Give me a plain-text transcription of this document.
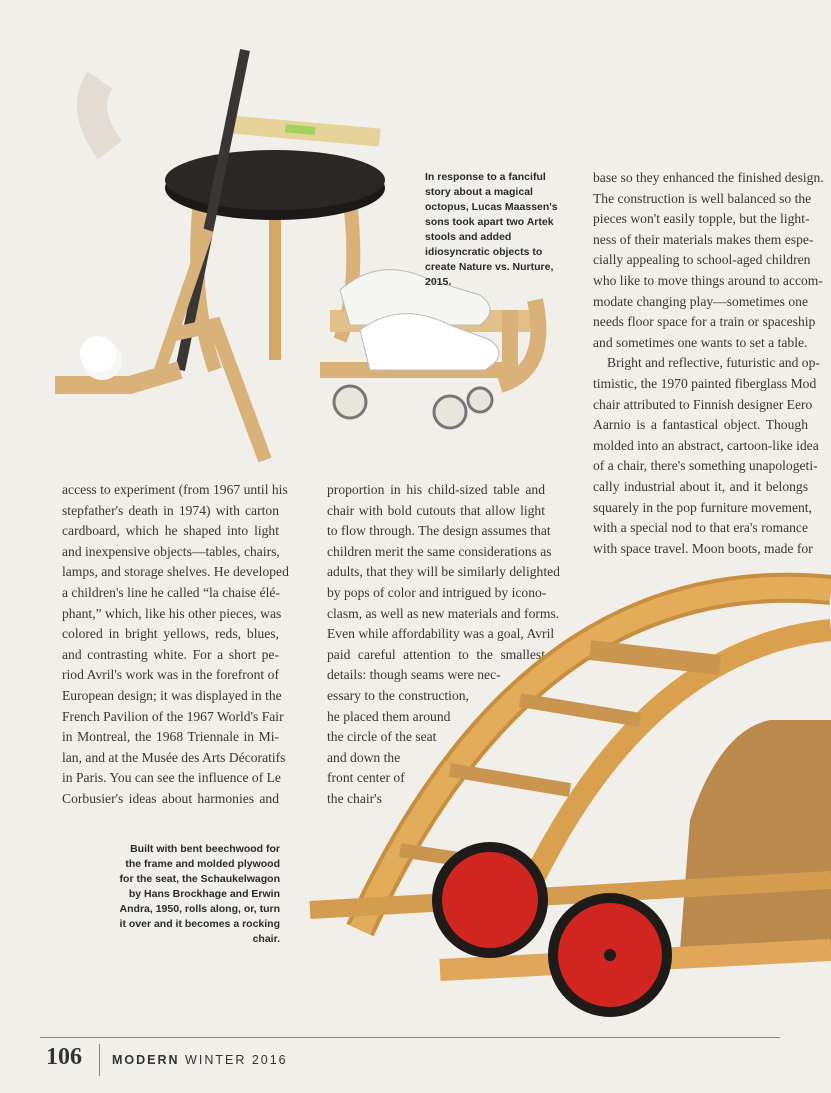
In response to a fanciful story about a magical octopus, Lucas Maassen's sons took apart two Artek stools and added idiosyncratic objects to create Nature vs. Nurture, 2015.
access to experiment (from 1967 until his
stepfather's death in 1974) with carton
cardboard, which he shaped into light
and inexpensive objects—tables, chairs,
lamps, and storage shelves. He developed
a children's line he called “la chaise élé-
phant,” which, like his other pieces, was
colored in bright yellows, reds, blues,
and contrasting white. For a short pe-
riod Avril's work was in the forefront of
European design; it was displayed in the
French Pavilion of the 1967 World's Fair
in Montreal, the 1968 Triennale in Mi-
lan, and at the Musée des Arts Décoratifs
in Paris. You can see the influence of Le
Corbusier's ideas about harmonies and
proportion in his child-sized table and
chair with bold cutouts that allow light
to flow through. The design assumes that
children merit the same considerations as
adults, that they will be similarly delighted
by pops of color and intrigued by icono-
clasm, as well as new materials and forms.
Even while affordability was a goal, Avril
paid careful attention to the smallest
details: though seams were nec-
essary to the construction,
he placed them around
the circle of the seat
and down the
front center of
the chair's
base so they enhanced the finished design.
The construction is well balanced so the
pieces won't easily topple, but the light-
ness of their materials makes them espe-
cially appealing to school-aged children
who like to move things around to accom-
modate changing play—sometimes one
needs floor space for a train or spaceship
and sometimes one wants to set a table.
Bright and reflective, futuristic and op-
timistic, the 1970 painted fiberglass Mod
chair attributed to Finnish designer Eero
Aarnio is a fantastical object. Though
molded into an abstract, cartoon-like idea
of a chair, there's something unapologeti-
cally industrial about it, and it belongs
squarely in the pop furniture movement,
with a special nod to that era's romance
with space travel. Moon boots, made for
Built with bent beechwood for the frame and molded plywood for the seat, the Schaukelwagon by Hans Brockhage and Erwin Andra, 1950, rolls along, or, turn it over and it becomes a rocking chair.
106 MODERN WINTER 2016
